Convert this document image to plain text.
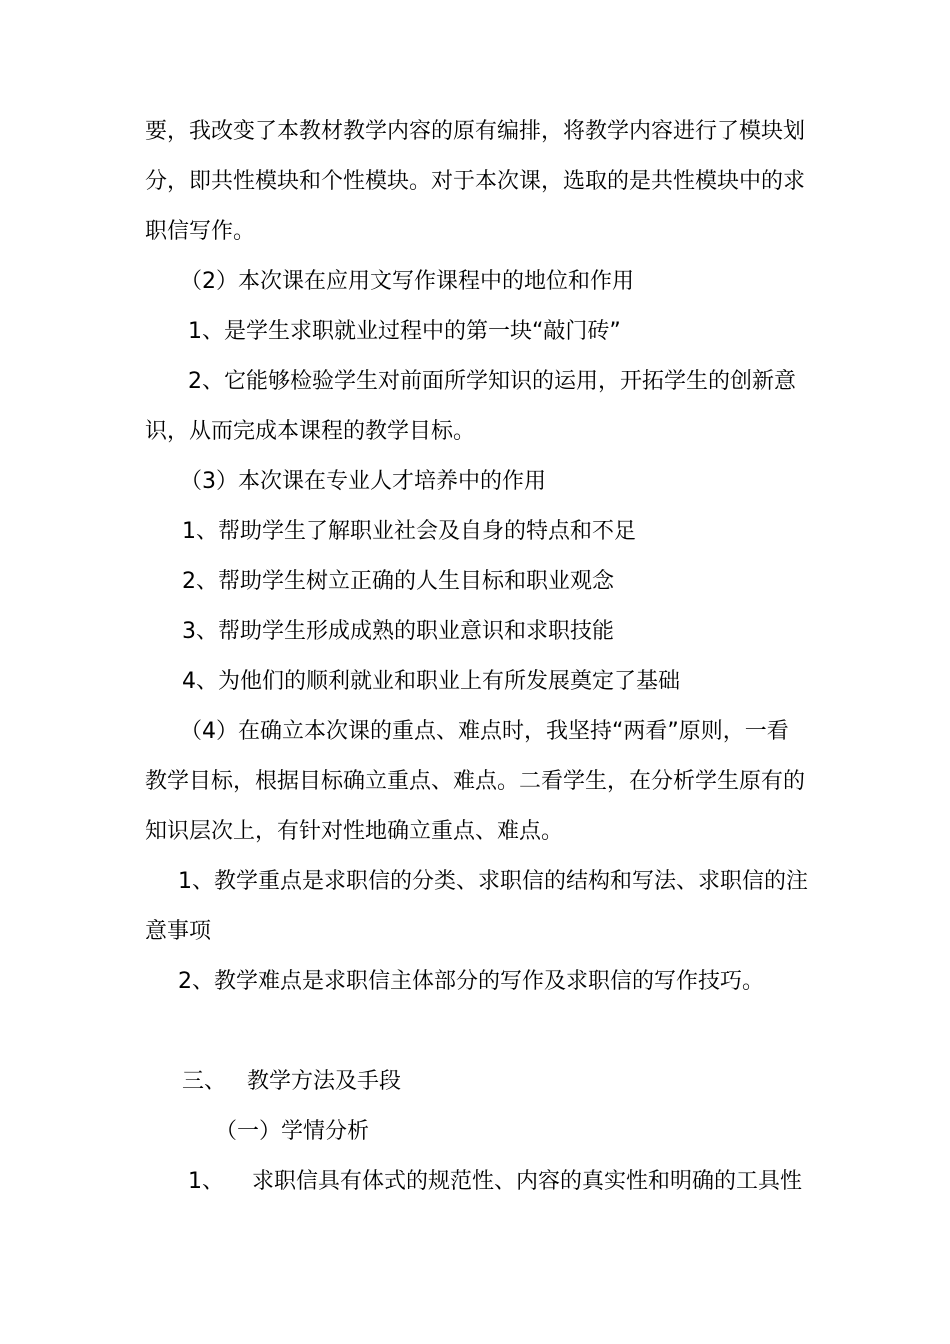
要，我改变了本教材教学内容的原有编排，将教学内容进行了模块划
分，即共性模块和个性模块。对于本次课，选取的是共性模块中的求
职信写作。
（2）本次课在应用文写作课程中的地位和作用
1、是学生求职就业过程中的第一块“敲门砖”
2、它能够检验学生对前面所学知识的运用，开拓学生的创新意
识，从而完成本课程的教学目标。
（3）本次课在专业人才培养中的作用
1、帮助学生了解职业社会及自身的特点和不足
2、帮助学生树立正确的人生目标和职业观念
3、帮助学生形成成熟的职业意识和求职技能
4、为他们的顺利就业和职业上有所发展奠定了基础
（4）在确立本次课的重点、难点时，我坚持“两看”原则，一看
教学目标，根据目标确立重点、难点。二看学生，在分析学生原有的
知识层次上，有针对性地确立重点、难点。
1、教学重点是求职信的分类、求职信的结构和写法、求职信的注
意事项
2、教学难点是求职信主体部分的写作及求职信的写作技巧。
三、   教学方法及手段
（一）学情分析
1、    求职信具有体式的规范性、内容的真实性和明确的工具性
